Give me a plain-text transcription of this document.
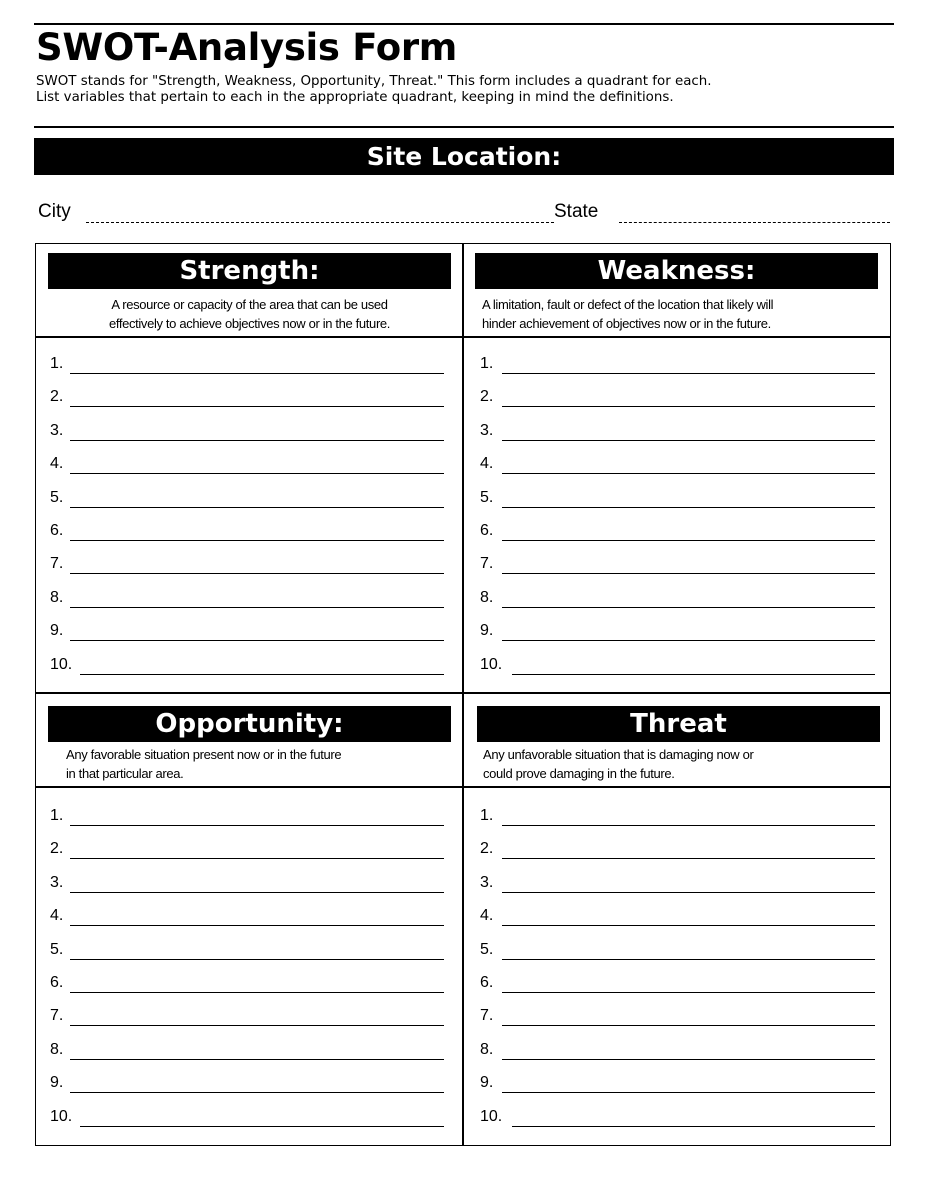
SWOT-Analysis Form
SWOT stands for "Strength, Weakness, Opportunity, Threat." This form includes a quadrant for each.
List variables that pertain to each in the appropriate quadrant, keeping in mind the definitions.
Site Location:
City	State
Strength:
A resource or capacity of the area that can be used
effectively to achieve objectives now or in the future.
1.
2.
3.
4.
5.
6.
7.
8.
9.
10.
Weakness:
A limitation, fault or defect of the location that likely will
hinder achievement of objectives now or in the future.
1.
2.
3.
4.
5.
6.
7.
8.
9.
10.
Opportunity:
Any favorable situation present now or in the future
in that particular area.
1.
2.
3.
4.
5.
6.
7.
8.
9.
10.
Threat
Any unfavorable situation that is damaging now or
could prove damaging in the future.
1.
2.
3.
4.
5.
6.
7.
8.
9.
10.
